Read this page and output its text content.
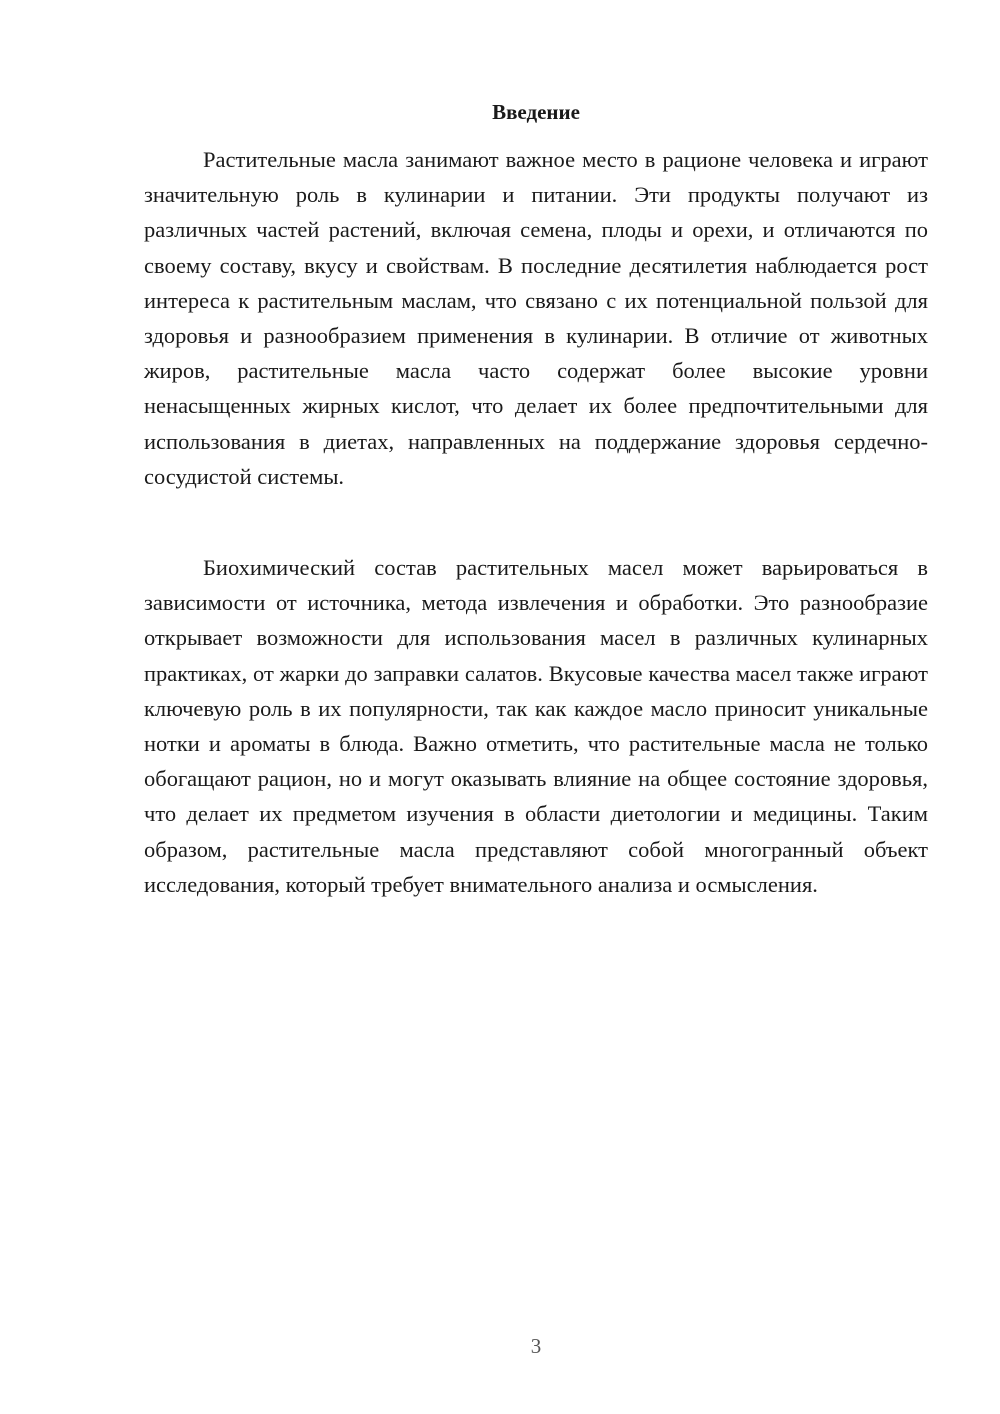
Введение

Растительные масла занимают важное место в рационе человека и играют значительную роль в кулинарии и питании. Эти продукты получают из различных частей растений, включая семена, плоды и орехи, и отличаются по своему составу, вкусу и свойствам. В последние десятилетия наблюдается рост интереса к растительным маслам, что связано с их потенциальной пользой для здоровья и разнообразием применения в кулинарии. В отличие от животных жиров, растительные масла часто содержат более высокие уровни ненасыщенных жирных кислот, что делает их более предпочтительными для использования в диетах, направленных на поддержание здоровья сердечно-сосудистой системы.

Биохимический состав растительных масел может варьироваться в зависимости от источника, метода извлечения и обработки. Это разнообразие открывает возможности для использования масел в различных кулинарных практиках, от жарки до заправки салатов. Вкусовые качества масел также играют ключевую роль в их популярности, так как каждое масло приносит уникальные нотки и ароматы в блюда. Важно отметить, что растительные масла не только обогащают рацион, но и могут оказывать влияние на общее состояние здоровья, что делает их предметом изучения в области диетологии и медицины. Таким образом, растительные масла представляют собой многогранный объект исследования, который требует внимательного анализа и осмысления.

3
